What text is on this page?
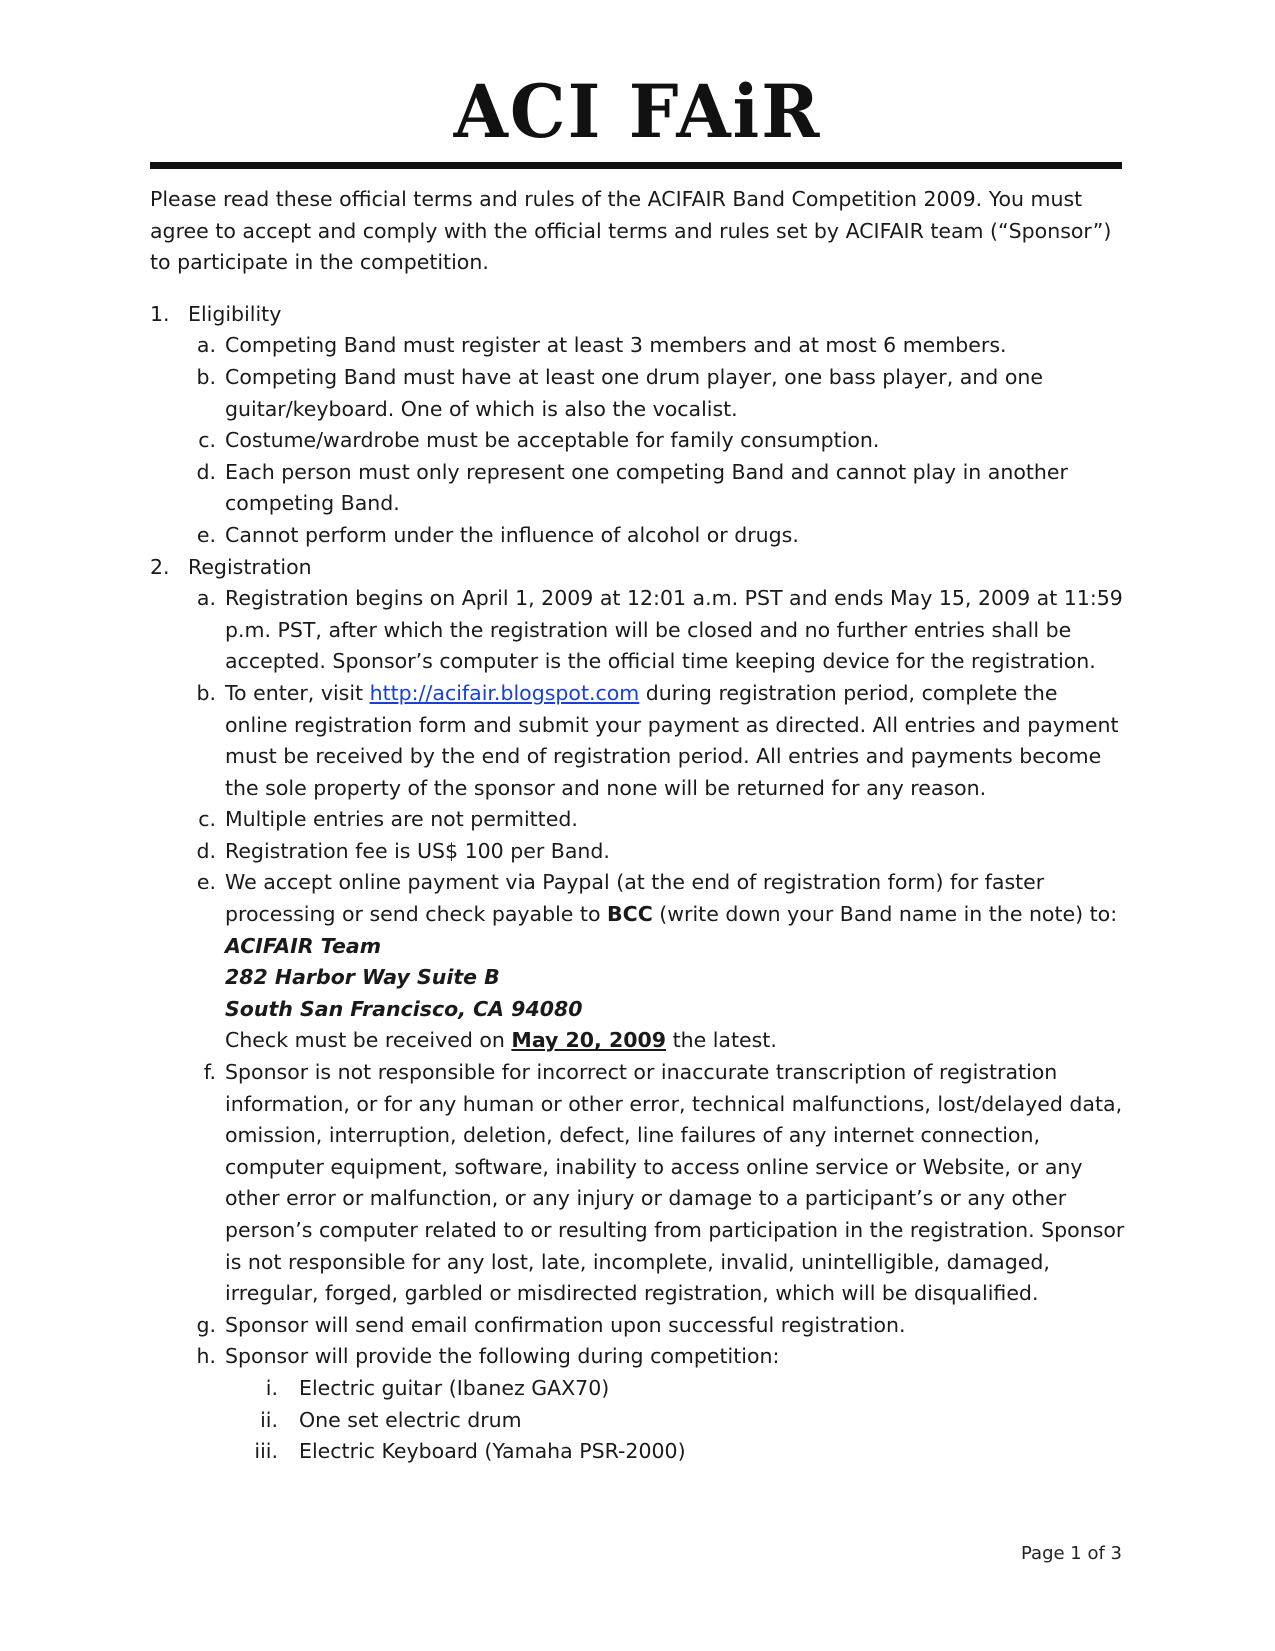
ACI FAiR

Please read these official terms and rules of the ACIFAIR Band Competition 2009. You must agree to accept and comply with the official terms and rules set by ACIFAIR team (“Sponsor”) to participate in the competition.

1. Eligibility
a. Competing Band must register at least 3 members and at most 6 members.
b. Competing Band must have at least one drum player, one bass player, and one guitar/keyboard. One of which is also the vocalist.
c. Costume/wardrobe must be acceptable for family consumption.
d. Each person must only represent one competing Band and cannot play in another competing Band.
e. Cannot perform under the influence of alcohol or drugs.
2. Registration
a. Registration begins on April 1, 2009 at 12:01 a.m. PST and ends May 15, 2009 at 11:59 p.m. PST, after which the registration will be closed and no further entries shall be accepted. Sponsor’s computer is the official time keeping device for the registration.
b. To enter, visit http://acifair.blogspot.com during registration period, complete the online registration form and submit your payment as directed. All entries and payment must be received by the end of registration period. All entries and payments become the sole property of the sponsor and none will be returned for any reason.
c. Multiple entries are not permitted.
d. Registration fee is US$ 100 per Band.
e. We accept online payment via Paypal (at the end of registration form) for faster processing or send check payable to BCC (write down your Band name in the note) to:
ACIFAIR Team
282 Harbor Way Suite B
South San Francisco, CA 94080
Check must be received on May 20, 2009 the latest.
f. Sponsor is not responsible for incorrect or inaccurate transcription of registration information, or for any human or other error, technical malfunctions, lost/delayed data, omission, interruption, deletion, defect, line failures of any internet connection, computer equipment, software, inability to access online service or Website, or any other error or malfunction, or any injury or damage to a participant’s or any other person’s computer related to or resulting from participation in the registration. Sponsor is not responsible for any lost, late, incomplete, invalid, unintelligible, damaged, irregular, forged, garbled or misdirected registration, which will be disqualified.
g. Sponsor will send email confirmation upon successful registration.
h. Sponsor will provide the following during competition:
i. Electric guitar (Ibanez GAX70)
ii. One set electric drum
iii. Electric Keyboard (Yamaha PSR-2000)
Page 1 of 3
